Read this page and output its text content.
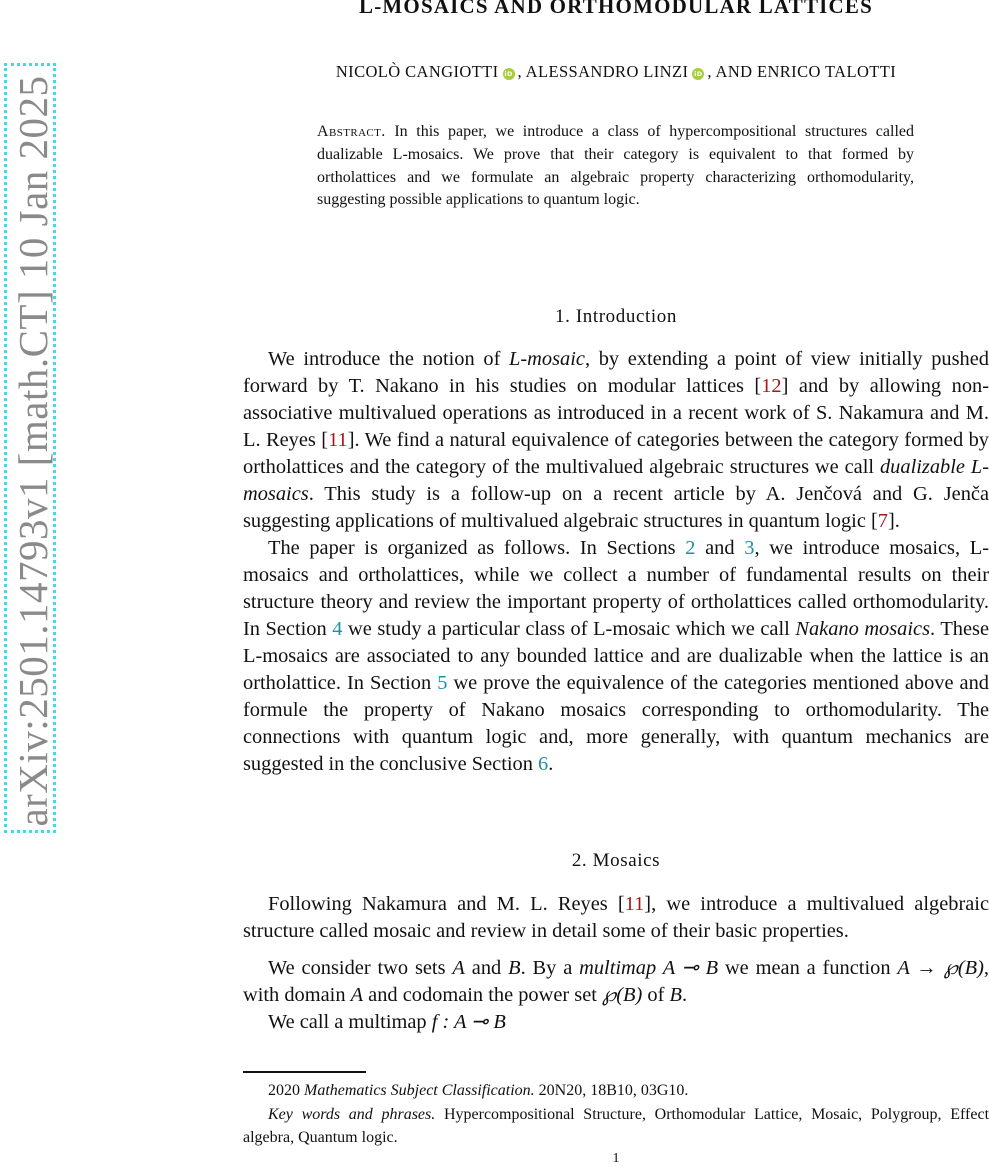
arXiv:2501.14793v1 [math.CT] 10 Jan 2025
L-MOSAICS AND ORTHOMODULAR LATTICES
NICOLÒ CANGIOTTI iD , ALESSANDRO LINZI iD , AND ENRICO TALOTTI
Abstract. In this paper, we introduce a class of hypercompositional structures called dualizable L-mosaics. We prove that their category is equivalent to that formed by ortholattices and we formulate an algebraic property characterizing orthomodularity, suggesting possible applications to quantum logic.
1. Introduction

We introduce the notion of L-mosaic, by extending a point of view initially pushed forward by T. Nakano in his studies on modular lattices [12] and by allowing non-associative multivalued operations as introduced in a recent work of S. Nakamura and M. L. Reyes [11]. We find a natural equivalence of categories between the category formed by ortholattices and the category of the multivalued algebraic structures we call dualizable L-mosaics. This study is a follow-up on a recent article by A. Jenčová and G. Jenča suggesting applications of multivalued algebraic structures in quantum logic [7].

The paper is organized as follows. In Sections 2 and 3, we introduce mosaics, L-mosaics and ortholattices, while we collect a number of fundamental results on their structure theory and review the important property of ortholattices called orthomodularity. In Section 4 we study a particular class of L-mosaic which we call Nakano mosaics. These L-mosaics are associated to any bounded lattice and are dualizable when the lattice is an ortholattice. In Section 5 we prove the equivalence of the categories mentioned above and formule the property of Nakano mosaics corresponding to orthomodularity. The connections with quantum logic and, more generally, with quantum mechanics are suggested in the conclusive Section 6.

2. Mosaics

Following Nakamura and M. L. Reyes [11], we introduce a multivalued algebraic structure called mosaic and review in detail some of their basic properties.

We consider two sets A and B. By a multimap A ⊸ B we mean a function A → ℘(B), with domain A and codomain the power set ℘(B) of B.

We call a multimap f : A ⊸ B

2020 Mathematics Subject Classification. 20N20, 18B10, 03G10.

Key words and phrases. Hypercompositional Structure, Orthomodular Lattice, Mosaic, Polygroup, Effect algebra, Quantum logic.

1
